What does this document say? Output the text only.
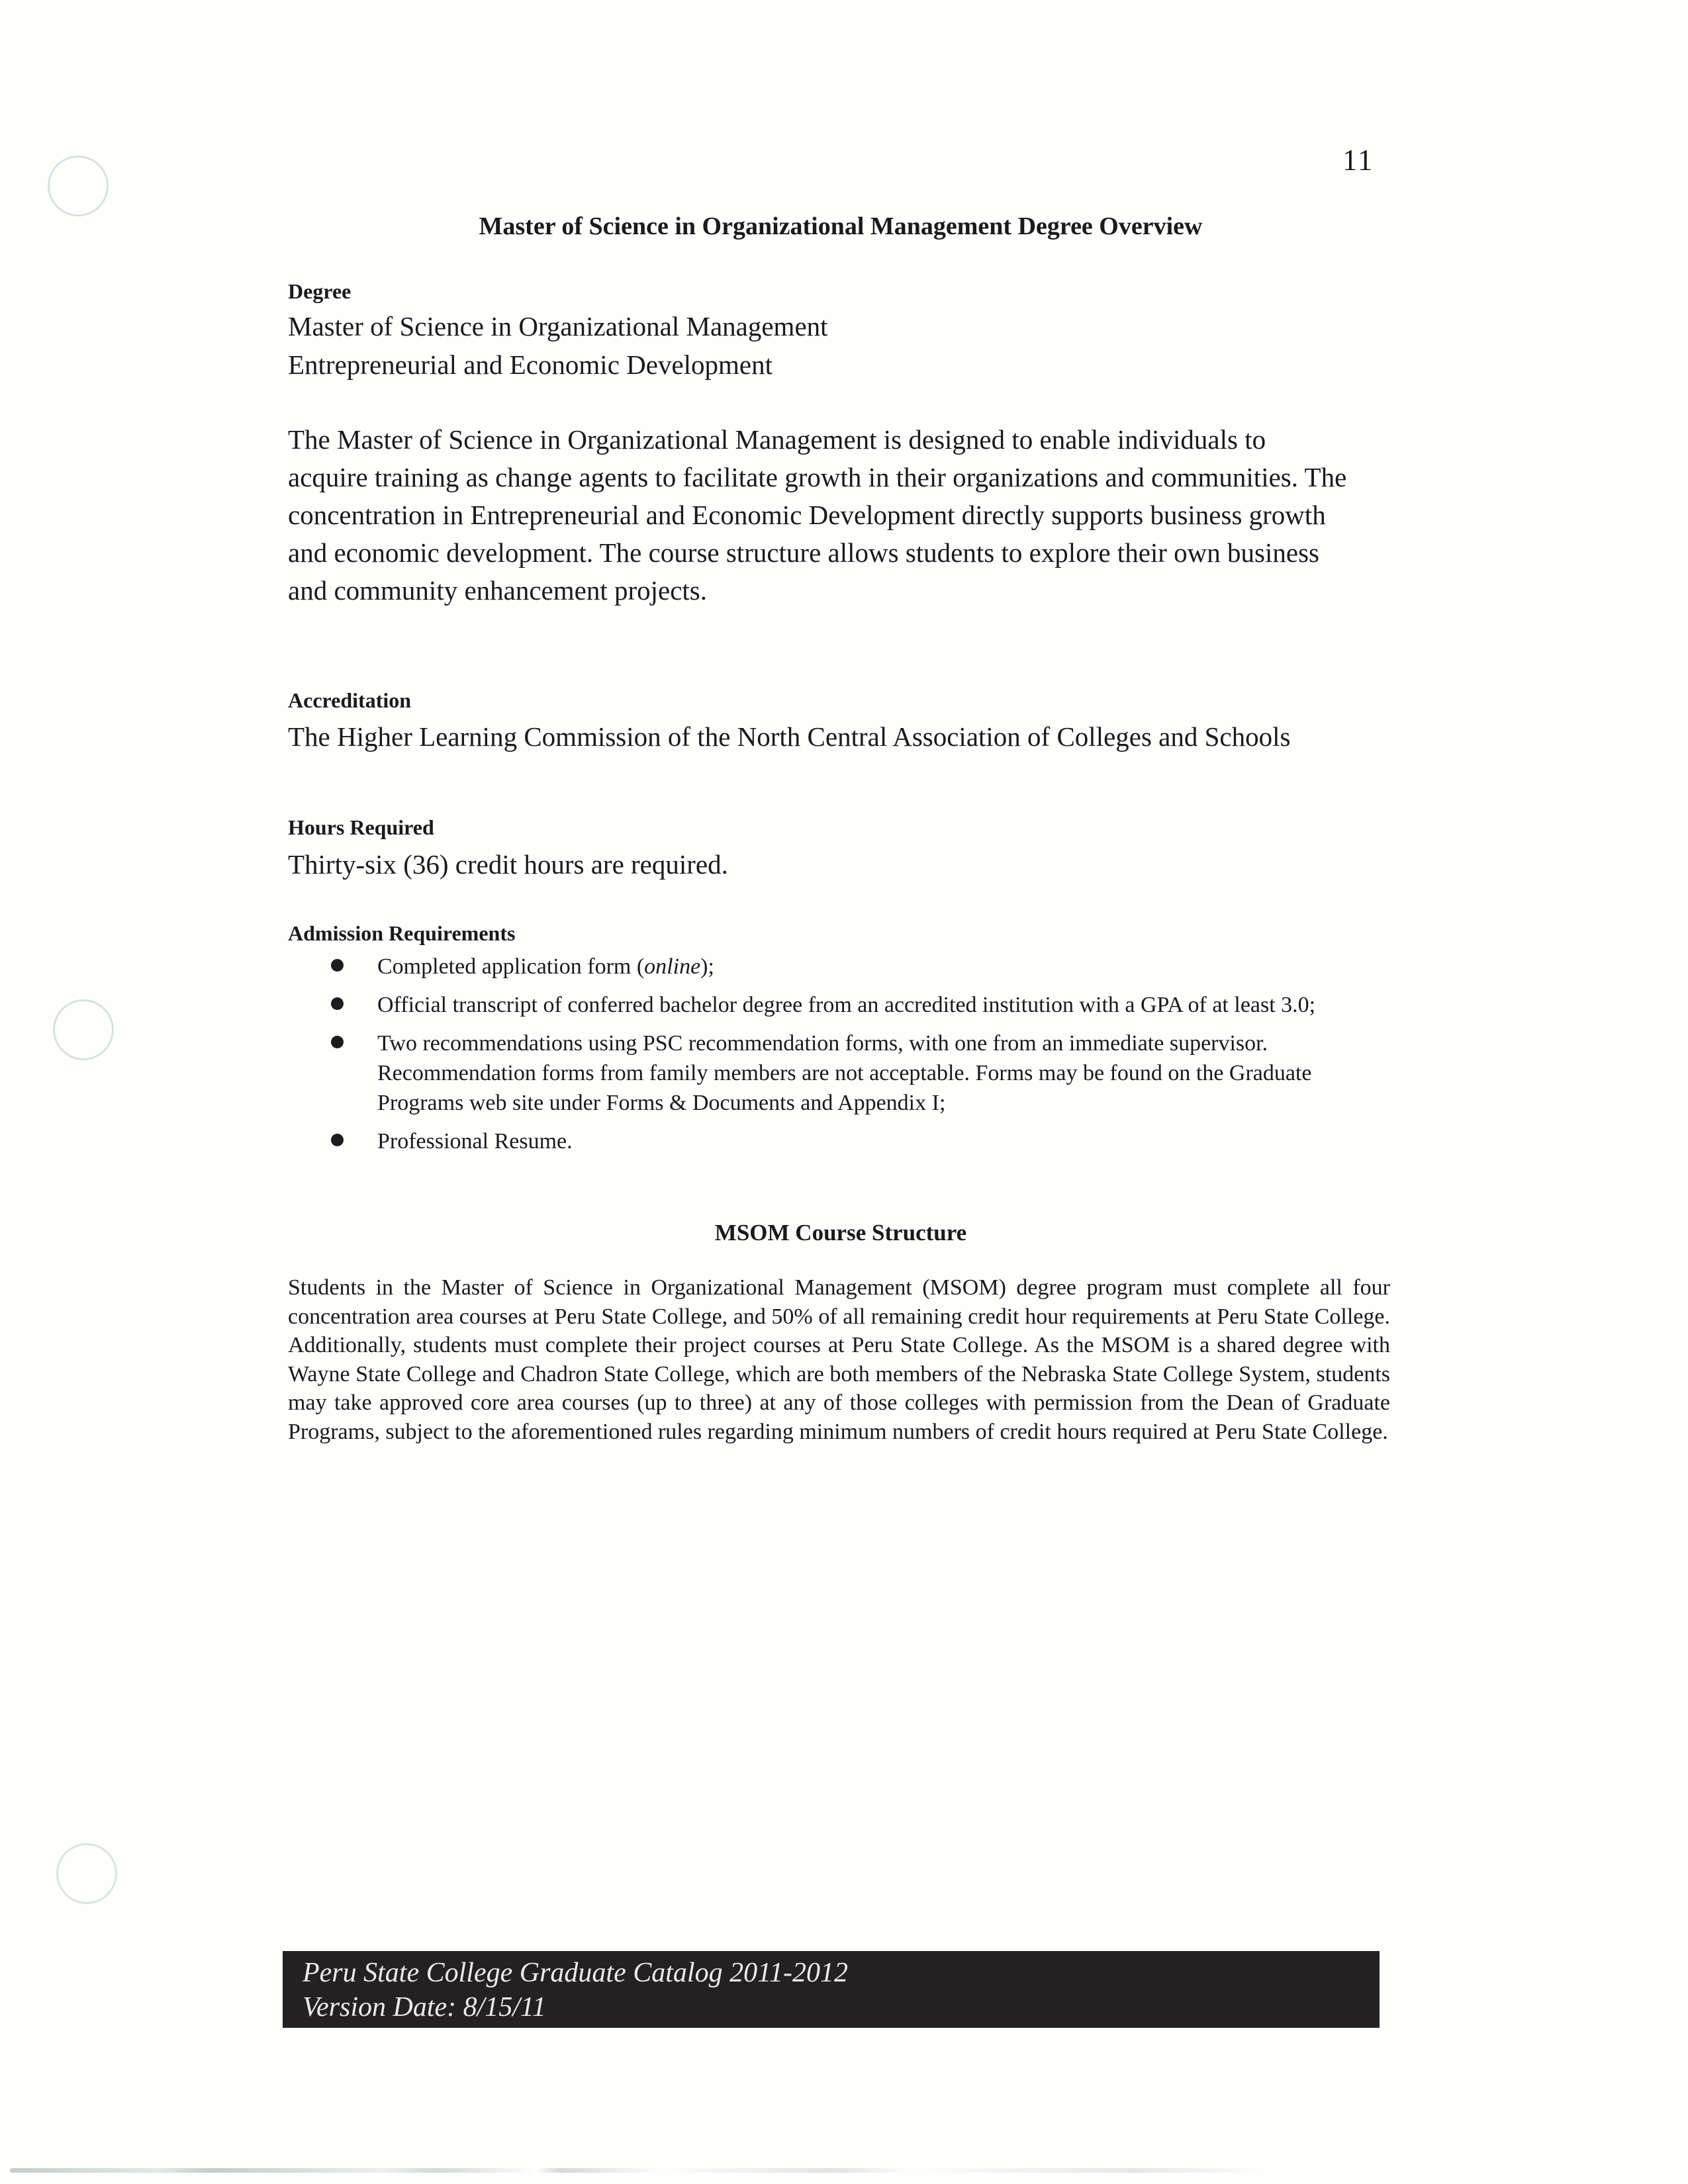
11
Master of Science in Organizational Management Degree Overview
Degree

Master of Science in Organizational Management
Entrepreneurial and Economic Development

The Master of Science in Organizational Management is designed to enable individuals to acquire training as change agents to facilitate growth in their organizations and communities. The concentration in Entrepreneurial and Economic Development directly supports business growth and economic development. The course structure allows students to explore their own business and community enhancement projects.

Accreditation

The Higher Learning Commission of the North Central Association of Colleges and Schools

Hours Required

Thirty-six (36) credit hours are required.

Admission Requirements
Completed application form (online);
Official transcript of conferred bachelor degree from an accredited institution with a GPA of at least 3.0;
Two recommendations using PSC recommendation forms, with one from an immediate supervisor. Recommendation forms from family members are not acceptable. Forms may be found on the Graduate Programs web site under Forms & Documents and Appendix I;
Professional Resume.
MSOM Course Structure

Students in the Master of Science in Organizational Management (MSOM) degree program must complete all four concentration area courses at Peru State College, and 50% of all remaining credit hour requirements at Peru State College. Additionally, students must complete their project courses at Peru State College. As the MSOM is a shared degree with Wayne State College and Chadron State College, which are both members of the Nebraska State College System, students may take approved core area courses (up to three) at any of those colleges with permission from the Dean of Graduate Programs, subject to the aforementioned rules regarding minimum numbers of credit hours required at Peru State College.

Peru State College Graduate Catalog 2011-2012
Version Date: 8/15/11
